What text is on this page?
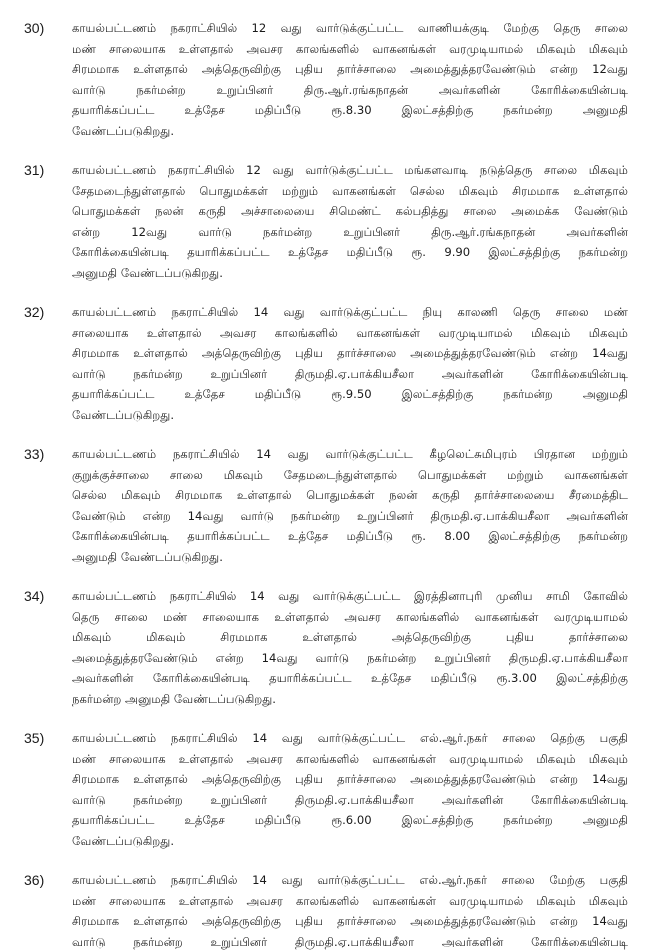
30)	காயல்பட்டணம் நகராட்சியில் 12 வது வார்டுக்குட்பட்ட வாணியக்குடி மேற்கு தெரு சாலை
மண் சாலையாக உள்ளதால் அவசர காலங்களில் வாகனங்கள் வரமுடியாமல் மிகவும் மிகவும்
சிரமமாக உள்ளதால் அத்தெருவிற்கு புதிய தார்ச்சாலை அமைத்துத்தரவேண்டும் என்ற 12வது
வார்டு நகர்மன்ற உறுப்பினர் திரு.ஆர்.ரங்கநாதன் அவர்களின் கோரிக்கையின்படி
தயாரிக்கப்பட்ட உத்தேச மதிப்பீடு ரூ.8.30 இலட்சத்திற்கு நகர்மன்ற அனுமதி
வேண்டப்படுகிறது.
31)	காயல்பட்டணம் நகராட்சியில் 12 வது வார்டுக்குட்பட்ட மங்களவாடி நடுத்தெரு சாலை மிகவும்
சேதமடைந்துள்ளதால் பொதுமக்கள் மற்றும் வாகனங்கள் செல்ல மிகவும் சிரமமாக உள்ளதால்
பொதுமக்கள் நலன் கருதி அச்சாலையை சிமெண்ட் கல்பதித்து சாலை அமைக்க வேண்டும்
என்ற 12வது வார்டு நகர்மன்ற உறுப்பினர் திரு.ஆர்.ரங்கநாதன் அவர்களின்
கோரிக்கையின்படி தயாரிக்கப்பட்ட உத்தேச மதிப்பீடு ரூ. 9.90 இலட்சத்திற்கு நகர்மன்ற
அனுமதி வேண்டப்படுகிறது.
32)	காயல்பட்டணம் நகராட்சியில் 14 வது வார்டுக்குட்பட்ட நியு காலணி தெரு சாலை மண்
சாலையாக உள்ளதால் அவசர காலங்களில் வாகனங்கள் வரமுடியாமல் மிகவும் மிகவும்
சிரமமாக உள்ளதால் அத்தெருவிற்கு புதிய தார்ச்சாலை அமைத்துத்தரவேண்டும் என்ற 14வது
வார்டு நகர்மன்ற உறுப்பினர் திருமதி.ஏ.பாக்கியசீலா அவர்களின் கோரிக்கையின்படி
தயாரிக்கப்பட்ட உத்தேச மதிப்பீடு ரூ.9.50 இலட்சத்திற்கு நகர்மன்ற அனுமதி
வேண்டப்படுகிறது.
33)	காயல்பட்டணம் நகராட்சியில் 14 வது வார்டுக்குட்பட்ட கீழலெட்சுமிபுரம் பிரதான மற்றும்
குறுக்குச்சாலை சாலை மிகவும் சேதமடைந்துள்ளதால் பொதுமக்கள் மற்றும் வாகனங்கள்
செல்ல மிகவும் சிரமமாக உள்ளதால் பொதுமக்கள் நலன் கருதி தார்ச்சாலையை சீரமைத்திட
வேண்டும் என்ற 14வது வார்டு நகர்மன்ற உறுப்பினர் திருமதி.ஏ.பாக்கியசீலா அவர்களின்
கோரிக்கையின்படி தயாரிக்கப்பட்ட உத்தேச மதிப்பீடு ரூ. 8.00 இலட்சத்திற்கு நகர்மன்ற
அனுமதி வேண்டப்படுகிறது.
34)	காயல்பட்டணம் நகராட்சியில் 14 வது வார்டுக்குட்பட்ட இரத்தினாபுரி முனிய சாமி கோவில்
தெரு சாலை மண் சாலையாக உள்ளதால் அவசர காலங்களில் வாகனங்கள் வரமுடியாமல்
மிகவும் மிகவும் சிரமமாக உள்ளதால் அத்தெருவிற்கு புதிய தார்ச்சாலை
அமைத்துத்தரவேண்டும் என்ற 14வது வார்டு நகர்மன்ற உறுப்பினர் திருமதி.ஏ.பாக்கியசீலா
அவர்களின் கோரிக்கையின்படி தயாரிக்கப்பட்ட உத்தேச மதிப்பீடு ரூ.3.00 இலட்சத்திற்கு
நகர்மன்ற அனுமதி வேண்டப்படுகிறது.
35)	காயல்பட்டணம் நகராட்சியில் 14 வது வார்டுக்குட்பட்ட எல்.ஆர்.நகர் சாலை தெற்கு பகுதி
மண் சாலையாக உள்ளதால் அவசர காலங்களில் வாகனங்கள் வரமுடியாமல் மிகவும் மிகவும்
சிரமமாக உள்ளதால் அத்தெருவிற்கு புதிய தார்ச்சாலை அமைத்துத்தரவேண்டும் என்ற 14வது
வார்டு நகர்மன்ற உறுப்பினர் திருமதி.ஏ.பாக்கியசீலா அவர்களின் கோரிக்கையின்படி
தயாரிக்கப்பட்ட உத்தேச மதிப்பீடு ரூ.6.00 இலட்சத்திற்கு நகர்மன்ற அனுமதி
வேண்டப்படுகிறது.
36)	காயல்பட்டணம் நகராட்சியில் 14 வது வார்டுக்குட்பட்ட எல்.ஆர்.நகர் சாலை மேற்கு பகுதி
மண் சாலையாக உள்ளதால் அவசர காலங்களில் வாகனங்கள் வரமுடியாமல் மிகவும் மிகவும்
சிரமமாக உள்ளதால் அத்தெருவிற்கு புதிய தார்ச்சாலை அமைத்துத்தரவேண்டும் என்ற 14வது
வார்டு நகர்மன்ற உறுப்பினர் திருமதி.ஏ.பாக்கியசீலா அவர்களின் கோரிக்கையின்படி
